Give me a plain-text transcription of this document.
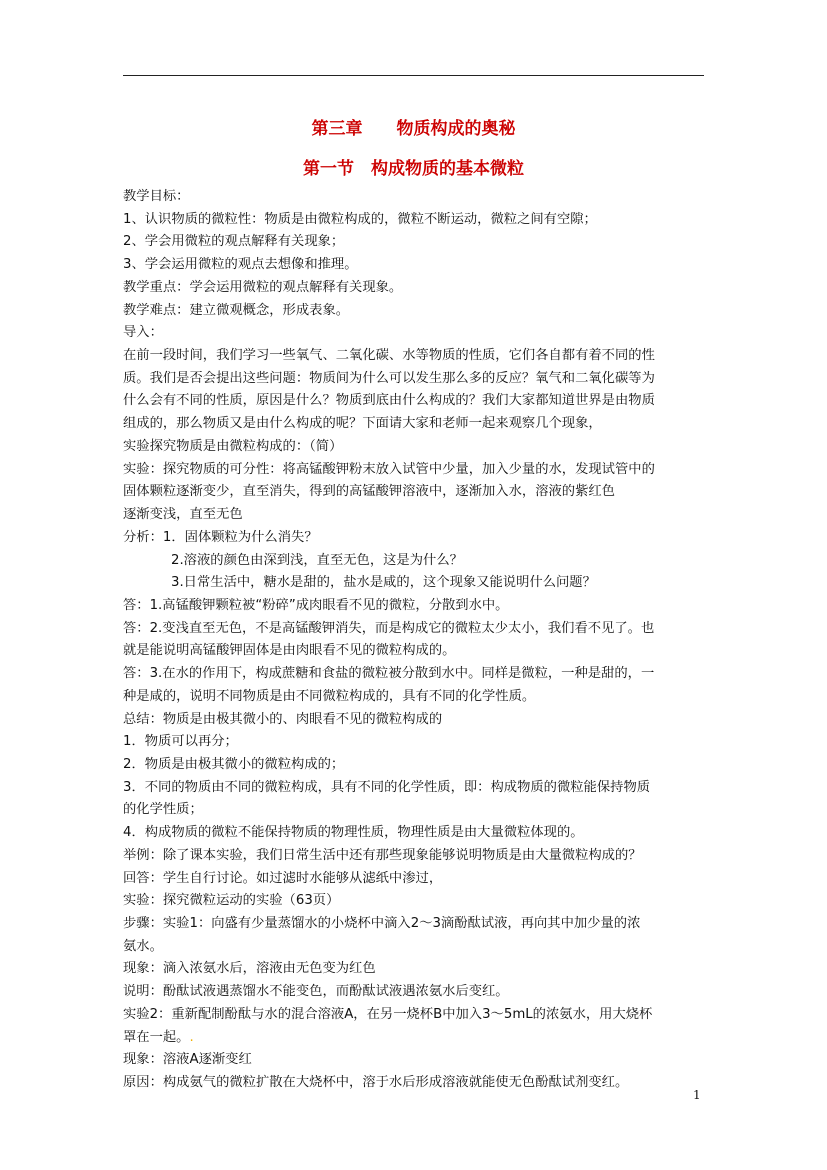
第三章　　物质构成的奥秘
第一节　构成物质的基本微粒
教学目标：
1、认识物质的微粒性：物质是由微粒构成的，微粒不断运动，微粒之间有空隙；
2、学会用微粒的观点解释有关现象；
3、学会运用微粒的观点去想像和推理。
教学重点：学会运用微粒的观点解释有关现象。
教学难点：建立微观概念，形成表象。
导入：
在前一段时间，我们学习一些氧气、二氧化碳、水等物质的性质，它们各自都有着不同的性
质。我们是否会提出这些问题：物质间为什么可以发生那么多的反应？氧气和二氧化碳等为
什么会有不同的性质，原因是什么？物质到底由什么构成的？我们大家都知道世界是由物质
组成的，那么物质又是由什么构成的呢？下面请大家和老师一起来观察几个现象，
实验探究物质是由微粒构成的：（简）
实验：探究物质的可分性：将高锰酸钾粉末放入试管中少量，加入少量的水，发现试管中的
固体颗粒逐渐变少，直至消失，得到的高锰酸钾溶液中，逐渐加入水，溶液的紫红色
逐渐变浅，直至无色
分析：1．固体颗粒为什么消失？
2.溶液的颜色由深到浅，直至无色，这是为什么？
3.日常生活中，糖水是甜的，盐水是咸的，这个现象又能说明什么问题？
答：1.高锰酸钾颗粒被“粉碎”成肉眼看不见的微粒，分散到水中。
答：2.变浅直至无色，不是高锰酸钾消失，而是构成它的微粒太少太小，我们看不见了。也
就是能说明高锰酸钾固体是由肉眼看不见的微粒构成的。
答：3.在水的作用下，构成蔗糖和食盐的微粒被分散到水中。同样是微粒，一种是甜的，一
种是咸的，说明不同物质是由不同微粒构成的，具有不同的化学性质。
总结：物质是由极其微小的、肉眼看不见的微粒构成的
1．物质可以再分；
2．物质是由极其微小的微粒构成的；
3．不同的物质由不同的微粒构成，具有不同的化学性质，即：构成物质的微粒能保持物质
的化学性质；
4．构成物质的微粒不能保持物质的物理性质，物理性质是由大量微粒体现的。
举例：除了课本实验，我们日常生活中还有那些现象能够说明物质是由大量微粒构成的？
回答：学生自行讨论。如过滤时水能够从滤纸中渗过，
实验：探究微粒运动的实验（63页）
步骤：实验1：向盛有少量蒸馏水的小烧杯中滴入2～3滴酚酞试液，再向其中加少量的浓
氨水。
现象：滴入浓氨水后，溶液由无色变为红色
说明：酚酞试液遇蒸馏水不能变色，而酚酞试液遇浓氨水后变红。
实验2：重新配制酚酞与水的混合溶液A，在另一烧杯B中加入3～5mL的浓氨水，用大烧杯
罩在一起。.
现象：溶液A逐渐变红
原因：构成氨气的微粒扩散在大烧杯中，溶于水后形成溶液就能使无色酚酞试剂变红。
1
